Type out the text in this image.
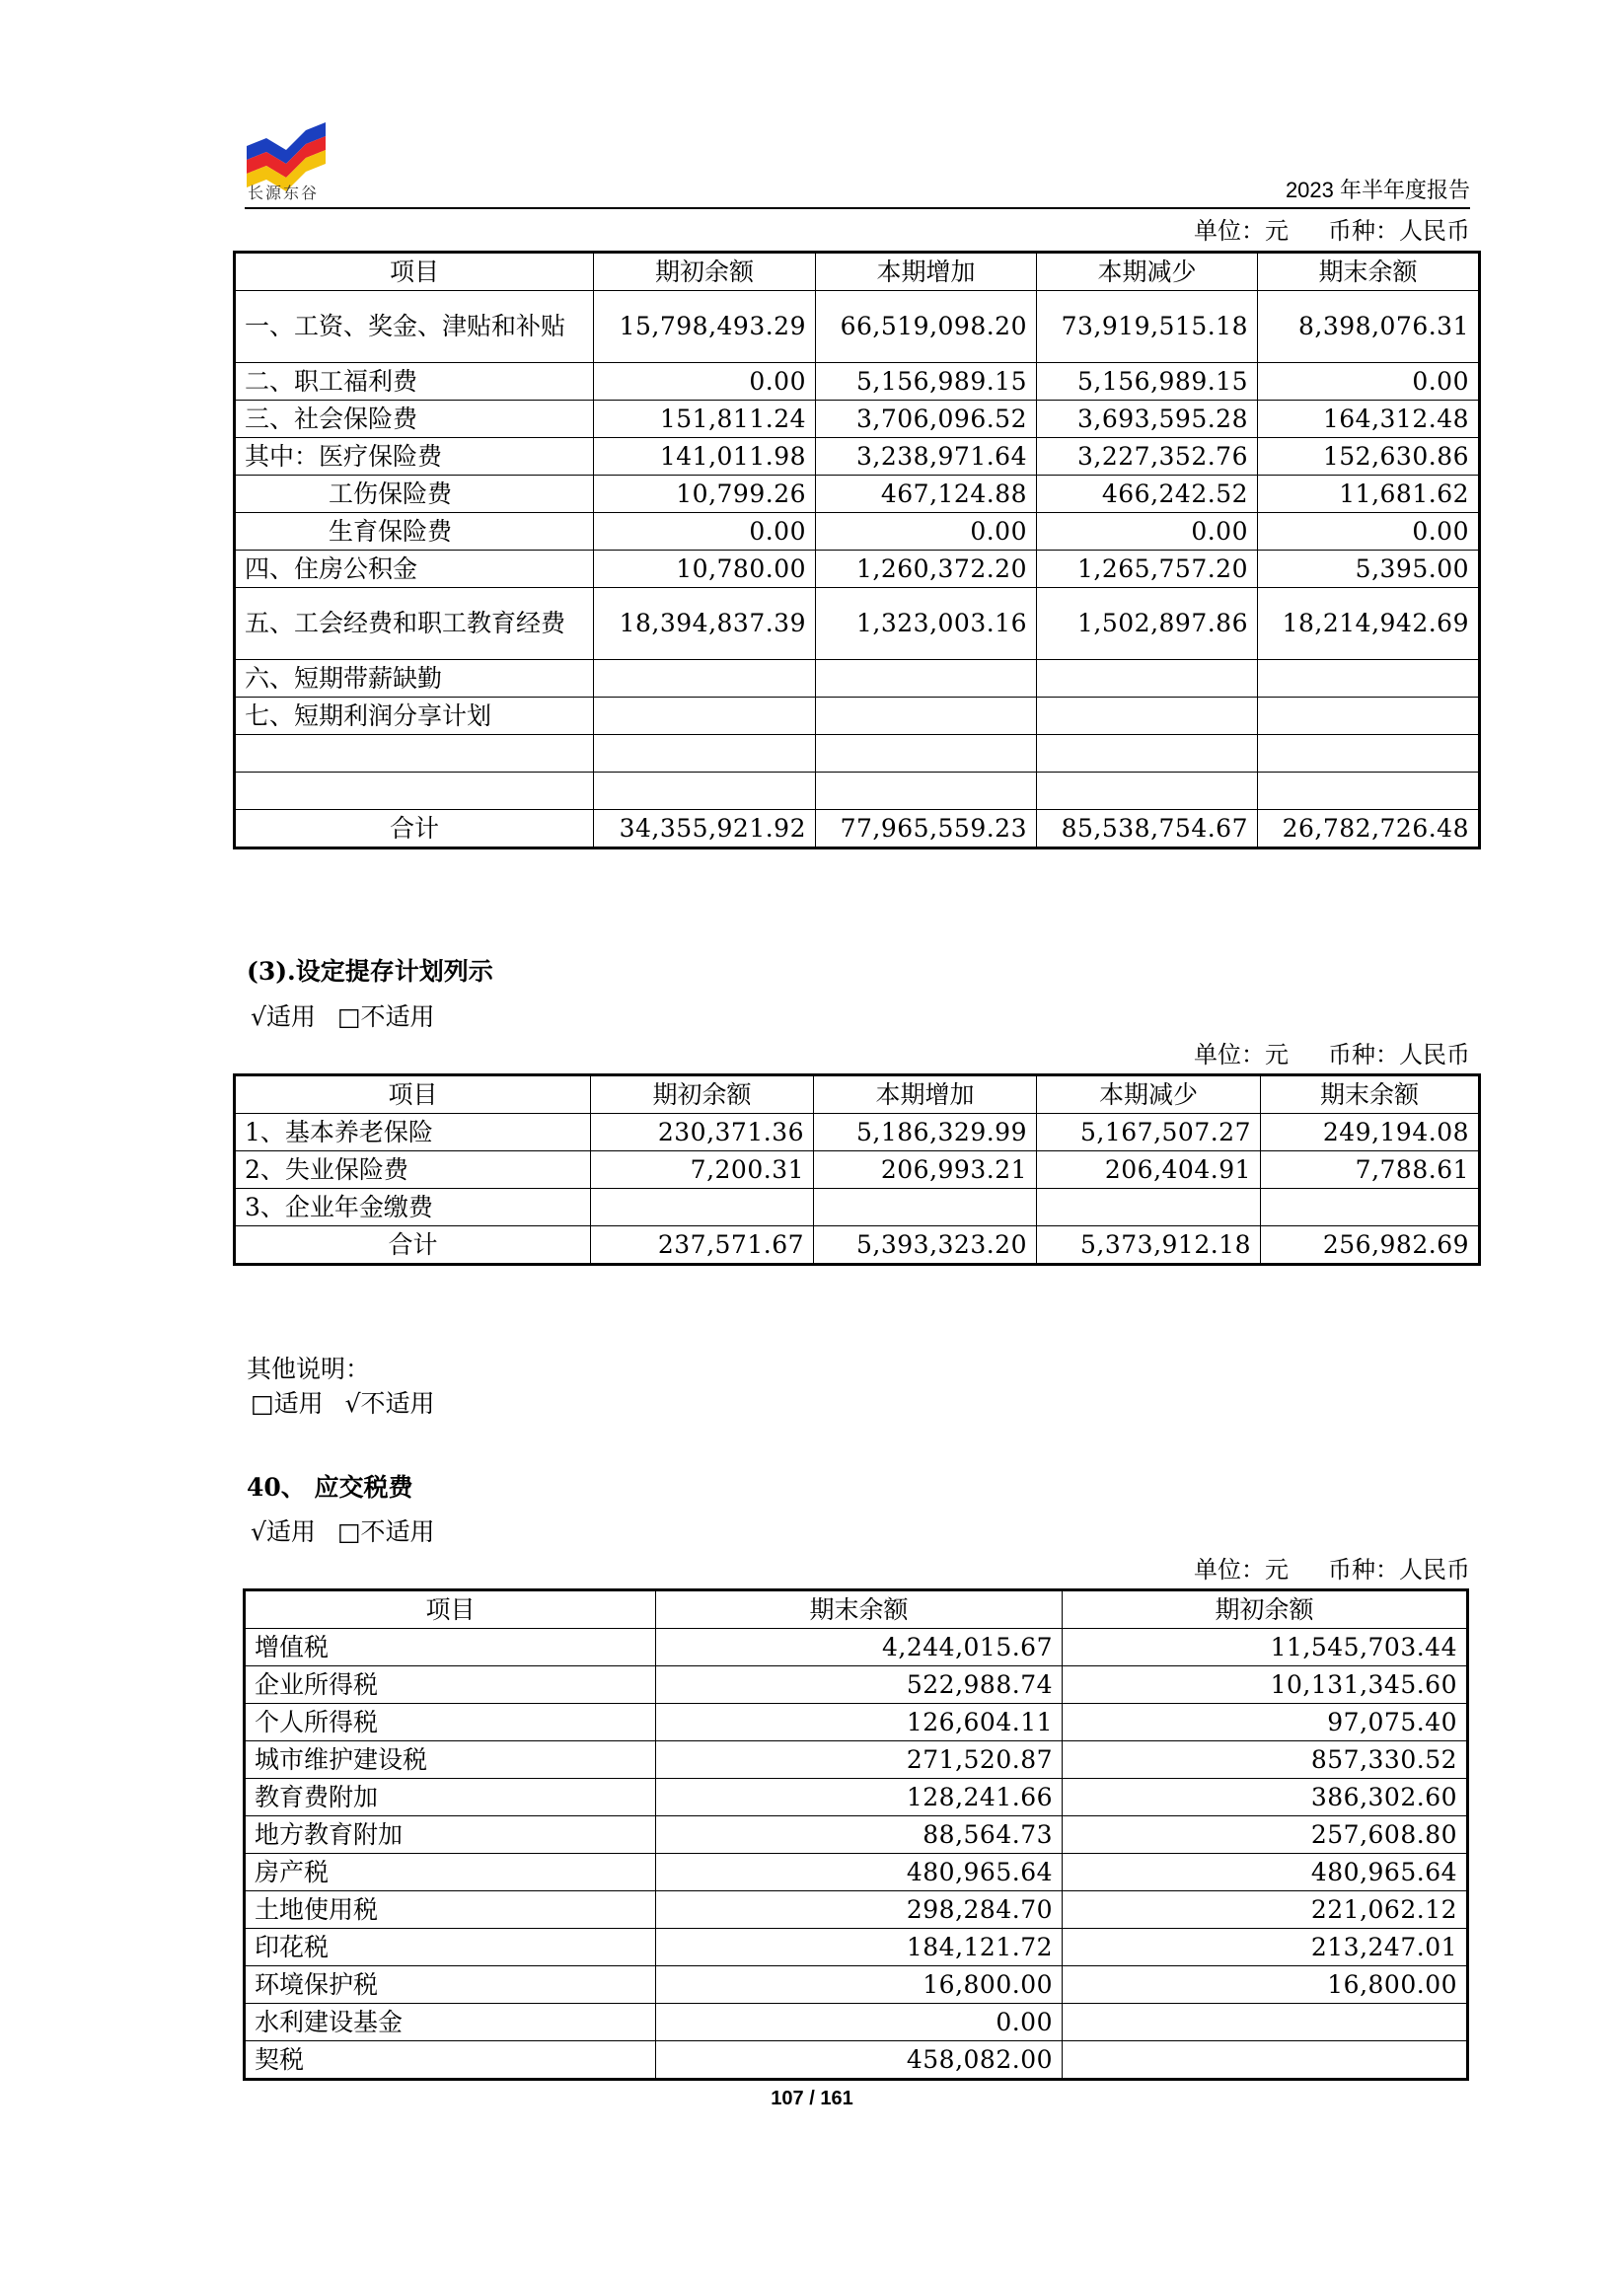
长源东谷	2023 年半年度报告
单位：元 币种：人民币
项目	期初余额	本期增加	本期减少	期末余额
一、工资、奖金、津贴和补贴	15,798,493.29	66,519,098.20	73,919,515.18	8,398,076.31
二、职工福利费	0.00	5,156,989.15	5,156,989.15	0.00
三、社会保险费	151,811.24	3,706,096.52	3,693,595.28	164,312.48
其中：医疗保险费	141,011.98	3,238,971.64	3,227,352.76	152,630.86
工伤保险费	10,799.26	467,124.88	466,242.52	11,681.62
生育保险费	0.00	0.00	0.00	0.00
四、住房公积金	10,780.00	1,260,372.20	1,265,757.20	5,395.00
五、工会经费和职工教育经费	18,394,837.39	1,323,003.16	1,502,897.86	18,214,942.69
六、短期带薪缺勤				
七、短期利润分享计划				

合计	34,355,921.92	77,965,559.23	85,538,754.67	26,782,726.48
(3).设定提存计划列示
√适用 □不适用
单位：元 币种：人民币
项目	期初余额	本期增加	本期减少	期末余额
1、基本养老保险	230,371.36	5,186,329.99	5,167,507.27	249,194.08
2、失业保险费	7,200.31	206,993.21	206,404.91	7,788.61
3、企业年金缴费				
合计	237,571.67	5,393,323.20	5,373,912.18	256,982.69
其他说明：
□适用 √不适用
40、 应交税费
√适用 □不适用
单位：元 币种：人民币
项目	期末余额	期初余额
增值税	4,244,015.67	11,545,703.44
企业所得税	522,988.74	10,131,345.60
个人所得税	126,604.11	97,075.40
城市维护建设税	271,520.87	857,330.52
教育费附加	128,241.66	386,302.60
地方教育附加	88,564.73	257,608.80
房产税	480,965.64	480,965.64
土地使用税	298,284.70	221,062.12
印花税	184,121.72	213,247.01
环境保护税	16,800.00	16,800.00
水利建设基金	0.00	
契税	458,082.00	
107 / 161
